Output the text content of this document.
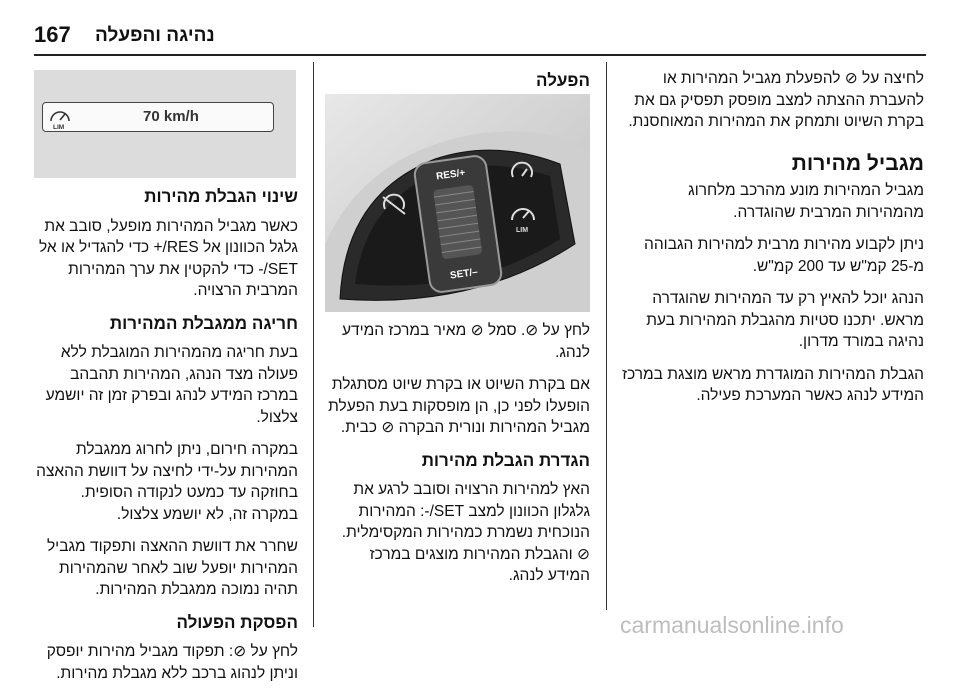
167 נהיגה והפעלה
LIM
70 km/h
שינוי הגבלת מהירות

כאשר מגביל המהירות מופעל, סובב את גלגל הכוונון אל RES/+ כדי להגדיל או אל SET/- כדי להקטין את ערך המהירות המרבית הרצויה.

חריגה ממגבלת המהירות

בעת חריגה מהמהירות המוגבלת ללא פעולה מצד הנהג, המהירות תהבהב במרכז המידע לנהג ובפרק זמן זה יושמע צלצול.

במקרה חירום, ניתן לחרוג ממגבלת המהירות על-ידי לחיצה על דוושת ההאצה בחוזקה עד כמעט לנקודה הסופית. במקרה זה, לא יושמע צלצול.

שחרר את דוושת ההאצה ותפקוד מגביל המהירות יופעל שוב לאחר שהמהירות תהיה נמוכה ממגבלת המהירות.

הפסקת הפעולה

לחץ על ⊘: תפקוד מגביל מהירות יופסק וניתן לנהוג ברכב ללא מגבלת מהירות.

הפעלה
RES/+
SET/–
LIM

לחץ על ⊘. סמל ⊘ מאיר במרכז המידע לנהג.

אם בקרת השיוט או בקרת שיוט מסתגלת הופעלו לפני כן, הן מופסקות בעת הפעלת מגביל המהירות ונורית הבקרה ⊘ כבית.

הגדרת הגבלת מהירות

האץ למהירות הרצויה וסובב לרגע את גלגלון הכוונון למצב SET/-: המהירות הנוכחית נשמרת כמהירות המקסימלית. ⊘ והגבלת המהירות מוצגים במרכז המידע לנהג.

לחיצה על ⊘ להפעלת מגביל המהירות או להעברת ההצתה למצב מופסק תפסיק גם את בקרת השיוט ותמחק את המהירות המאוחסנת.

מגביל מהירות

מגביל המהירות מונע מהרכב מלחרוג מהמהירות המרבית שהוגדרה.

ניתן לקבוע מהירות מרבית למהירות הגבוהה מ-25 קמ"ש עד 200 קמ"ש.

הנהג יוכל להאיץ רק עד המהירות שהוגדרה מראש. יתכנו סטיות מהגבלת המהירות בעת נהיגה במורד מדרון.

הגבלת המהירות המוגדרת מראש מוצגת במרכז המידע לנהג כאשר המערכת פעילה.

carmanualsonline.info
